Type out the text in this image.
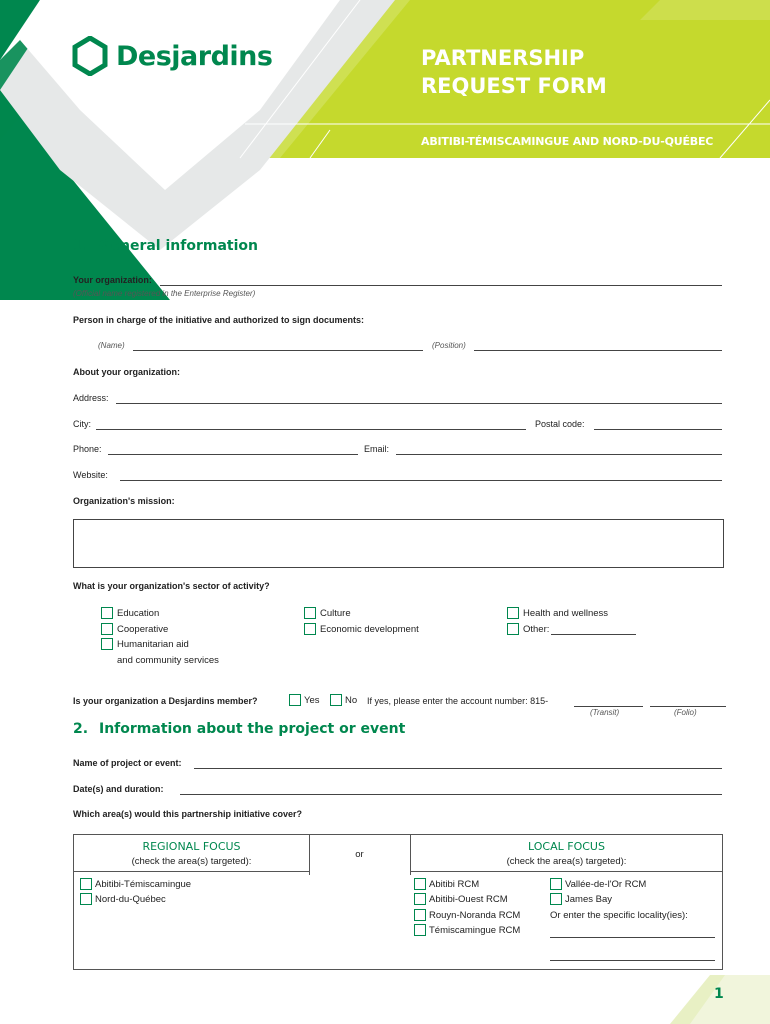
Desjardins	PARTNERSHIP
REQUEST FORM
ABITIBI-TÉMISCAMINGUE AND NORD-DU-QUÉBEC
1. General information
Your organization:
(Official name registered in the Enterprise Register)
Person in charge of the initiative and authorized to sign documents:
(Name)	(Position)
About your organization:
Address:
City:	Postal code:
Phone:	Email:
Website:
Organization's mission:
What is your organization's sector of activity?
Education
Cooperative
Humanitarian aid
and community services
Culture
Economic development
Health and wellness
Other:
Is your organization a Desjardins member?	Yes	No If yes, please enter the account number: 815-
(Transit)	(Folio)
2. Information about the project or event
Name of project or event:
Date(s) and duration:
Which area(s) would this partnership initiative cover?
REGIONAL FOCUS
(check the area(s) targeted):
or
LOCAL FOCUS
(check the area(s) targeted):
Abitibi-Témiscamingue
Nord-du-Québec
Abitibi RCM
Abitibi-Ouest RCM
Rouyn-Noranda RCM
Témiscamingue RCM
Vallée-de-l'Or RCM
James Bay
Or enter the specific locality(ies):
1
